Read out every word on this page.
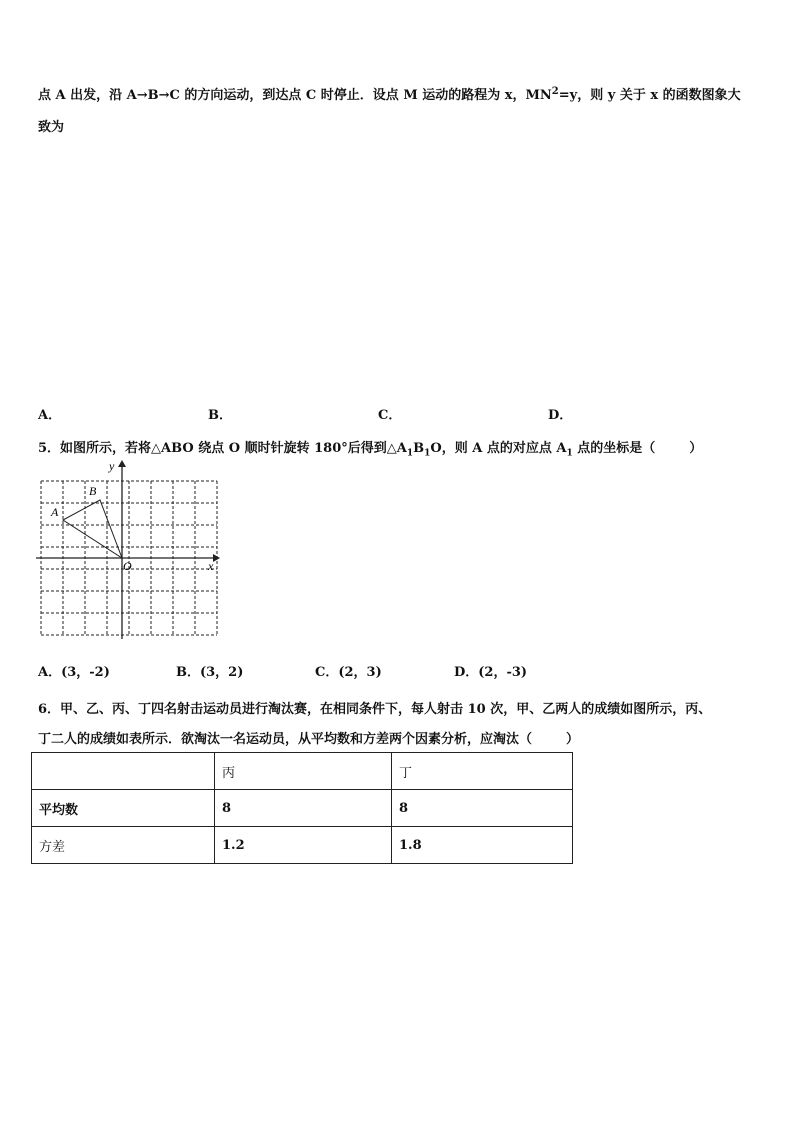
点 A 出发，沿 A→B→C 的方向运动，到达点 C 时停止．设点 M 运动的路程为 x，$MN^2=y$，则 y 关于 x 的函数图象大
致为
A．	B．	C．	D．
5．如图所示，若将△ABO 绕点 O 顺时针旋转 180°后得到$\triangle A_1B_1O$，则 A 点的对应点 $A_1$ 点的坐标是（	）
y
x
O
A
B
A．(3，-2)	B．(3，2)	C．(2，3)	D．(2，-3)
6．甲、乙、丙、丁四名射击运动员进行淘汰赛，在相同条件下，每人射击 10 次，甲、乙两人的成绩如图所示，丙、
丁二人的成绩如表所示．欲淘汰一名运动员，从平均数和方差两个因素分析，应淘汰（	）
	丙	丁
平均数	8	8
方差	1.2	1.8
